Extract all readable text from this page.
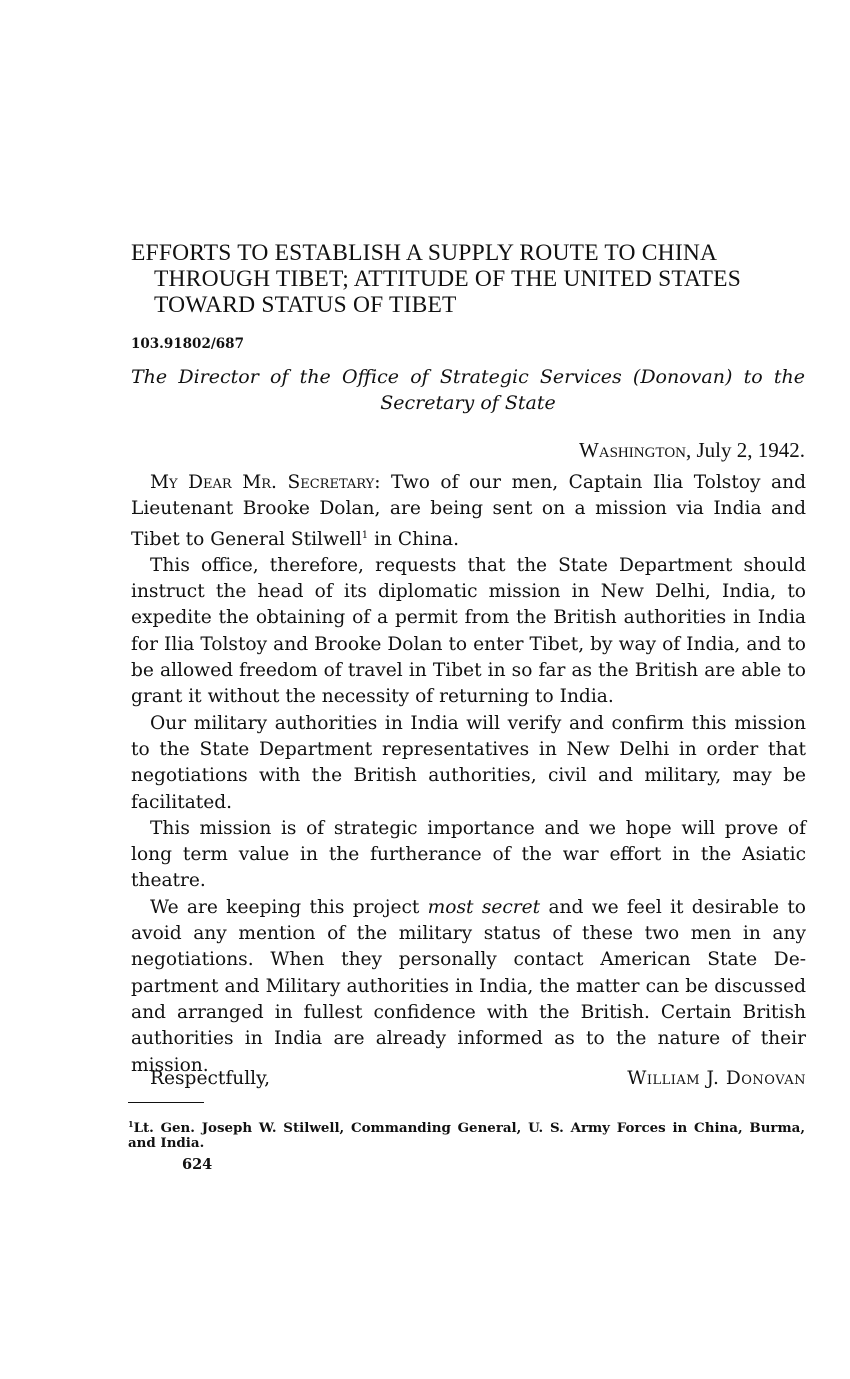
EFFORTS TO ESTABLISH A SUPPLY ROUTE TO CHINA
THROUGH TIBET; ATTITUDE OF THE UNITED STATES
TOWARD STATUS OF TIBET
103.91802/687
The Director of the Office of Strategic Services (Donovan) to the
Secretary of State
Washington, July 2, 1942.

My Dear Mr. Secretary: Two of our men, Captain Ilia Tolstoy and Lieutenant Brooke Dolan, are being sent on a mission via India and Tibet to General Stilwell$^1$ in China.

This office, therefore, requests that the State Department should instruct the head of its diplomatic mission in New Delhi, India, to expedite the obtaining of a permit from the British authorities in India for Ilia Tolstoy and Brooke Dolan to enter Tibet, by way of India, and to be allowed freedom of travel in Tibet in so far as the British are able to grant it without the necessity of returning to India.

Our military authorities in India will verify and confirm this mission to the State Department representatives in New Delhi in order that negotiations with the British authorities, civil and military, may be facilitated.

This mission is of strategic importance and we hope will prove of long term value in the furtherance of the war effort in the Asiatic theatre.

We are keeping this project most secret and we feel it desirable to avoid any mention of the military status of these two men in any negotiations. When they personally contact American State Department and Military authorities in India, the matter can be discussed and arranged in fullest confidence with the British. Certain British authorities in India are already informed as to the nature of their mission.

Respectfully,	William J. Donovan
$^1$Lt. Gen. Joseph W. Stilwell, Commanding General, U. S. Army Forces in China, Burma, and India.
624
